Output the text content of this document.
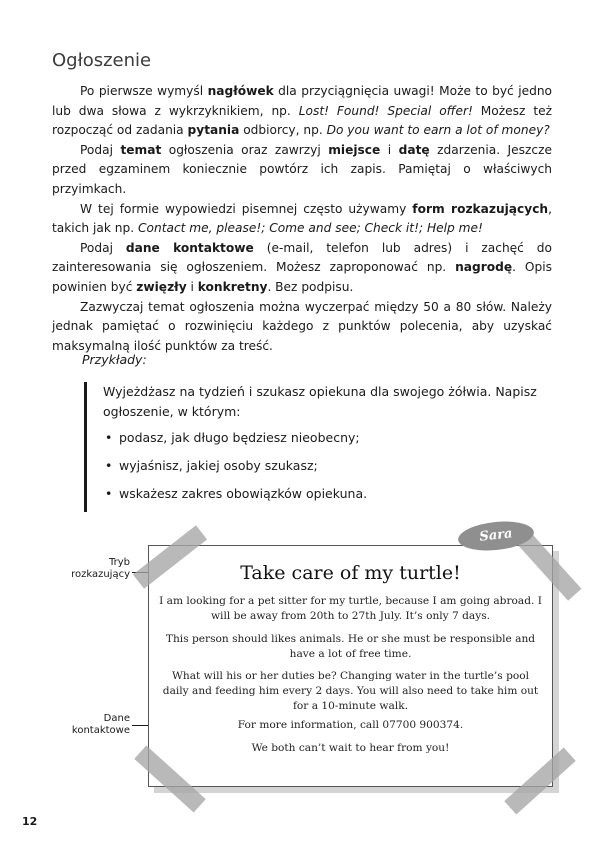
Ogłoszenie

Po pierwsze wymyśl nagłówek dla przyciągnięcia uwagi! Może to być jedno lub dwa słowa z wykrzyknikiem, np. Lost! Found! Special offer! Możesz też rozpocząć od zadania pytania odbiorcy, np. Do you want to earn a lot of money?

Podaj temat ogłoszenia oraz zawrzyj miejsce i datę zdarzenia. Jeszcze przed egzaminem koniecznie powtórz ich zapis. Pamiętaj o właściwych przyimkach.

W tej formie wypowiedzi pisemnej często używamy form rozkazujących, takich jak np. Contact me, please!; Come and see; Check it!; Help me!

Podaj dane kontaktowe (e-mail, telefon lub adres) i zachęć do zainteresowania się ogłoszeniem. Możesz zaproponować np. nagrodę. Opis powinien być zwięzły i konkretny. Bez podpisu.

Zazwyczaj temat ogłoszenia można wyczerpać między 50 a 80 słów. Należy jednak pamiętać o rozwinięciu każdego z punktów polecenia, aby uzyskać maksymalną ilość punktów za treść.

Przykłady:

Wyjeżdżasz na tydzień i szukasz opiekuna dla swojego żółwia. Napisz ogłoszenie, w którym:

• podasz, jak długo będziesz nieobecny;
• wyjaśnisz, jakiej osoby szukasz;
• wskażesz zakres obowiązków opiekuna.
Tryb rozkazujący
Dane kontaktowe
Take care of my turtle!

I am looking for a pet sitter for my turtle, because I am going abroad. I will be away from 20th to 27th July. It’s only 7 days.

This person should likes animals. He or she must be responsible and have a lot of free time.

What will his or her duties be? Changing water in the turtle’s pool daily and feeding him every 2 days. You will also need to take him out for a 10-minute walk.

For more information, call 07700 900374.

We both can’t wait to hear from you!

Sara
12
